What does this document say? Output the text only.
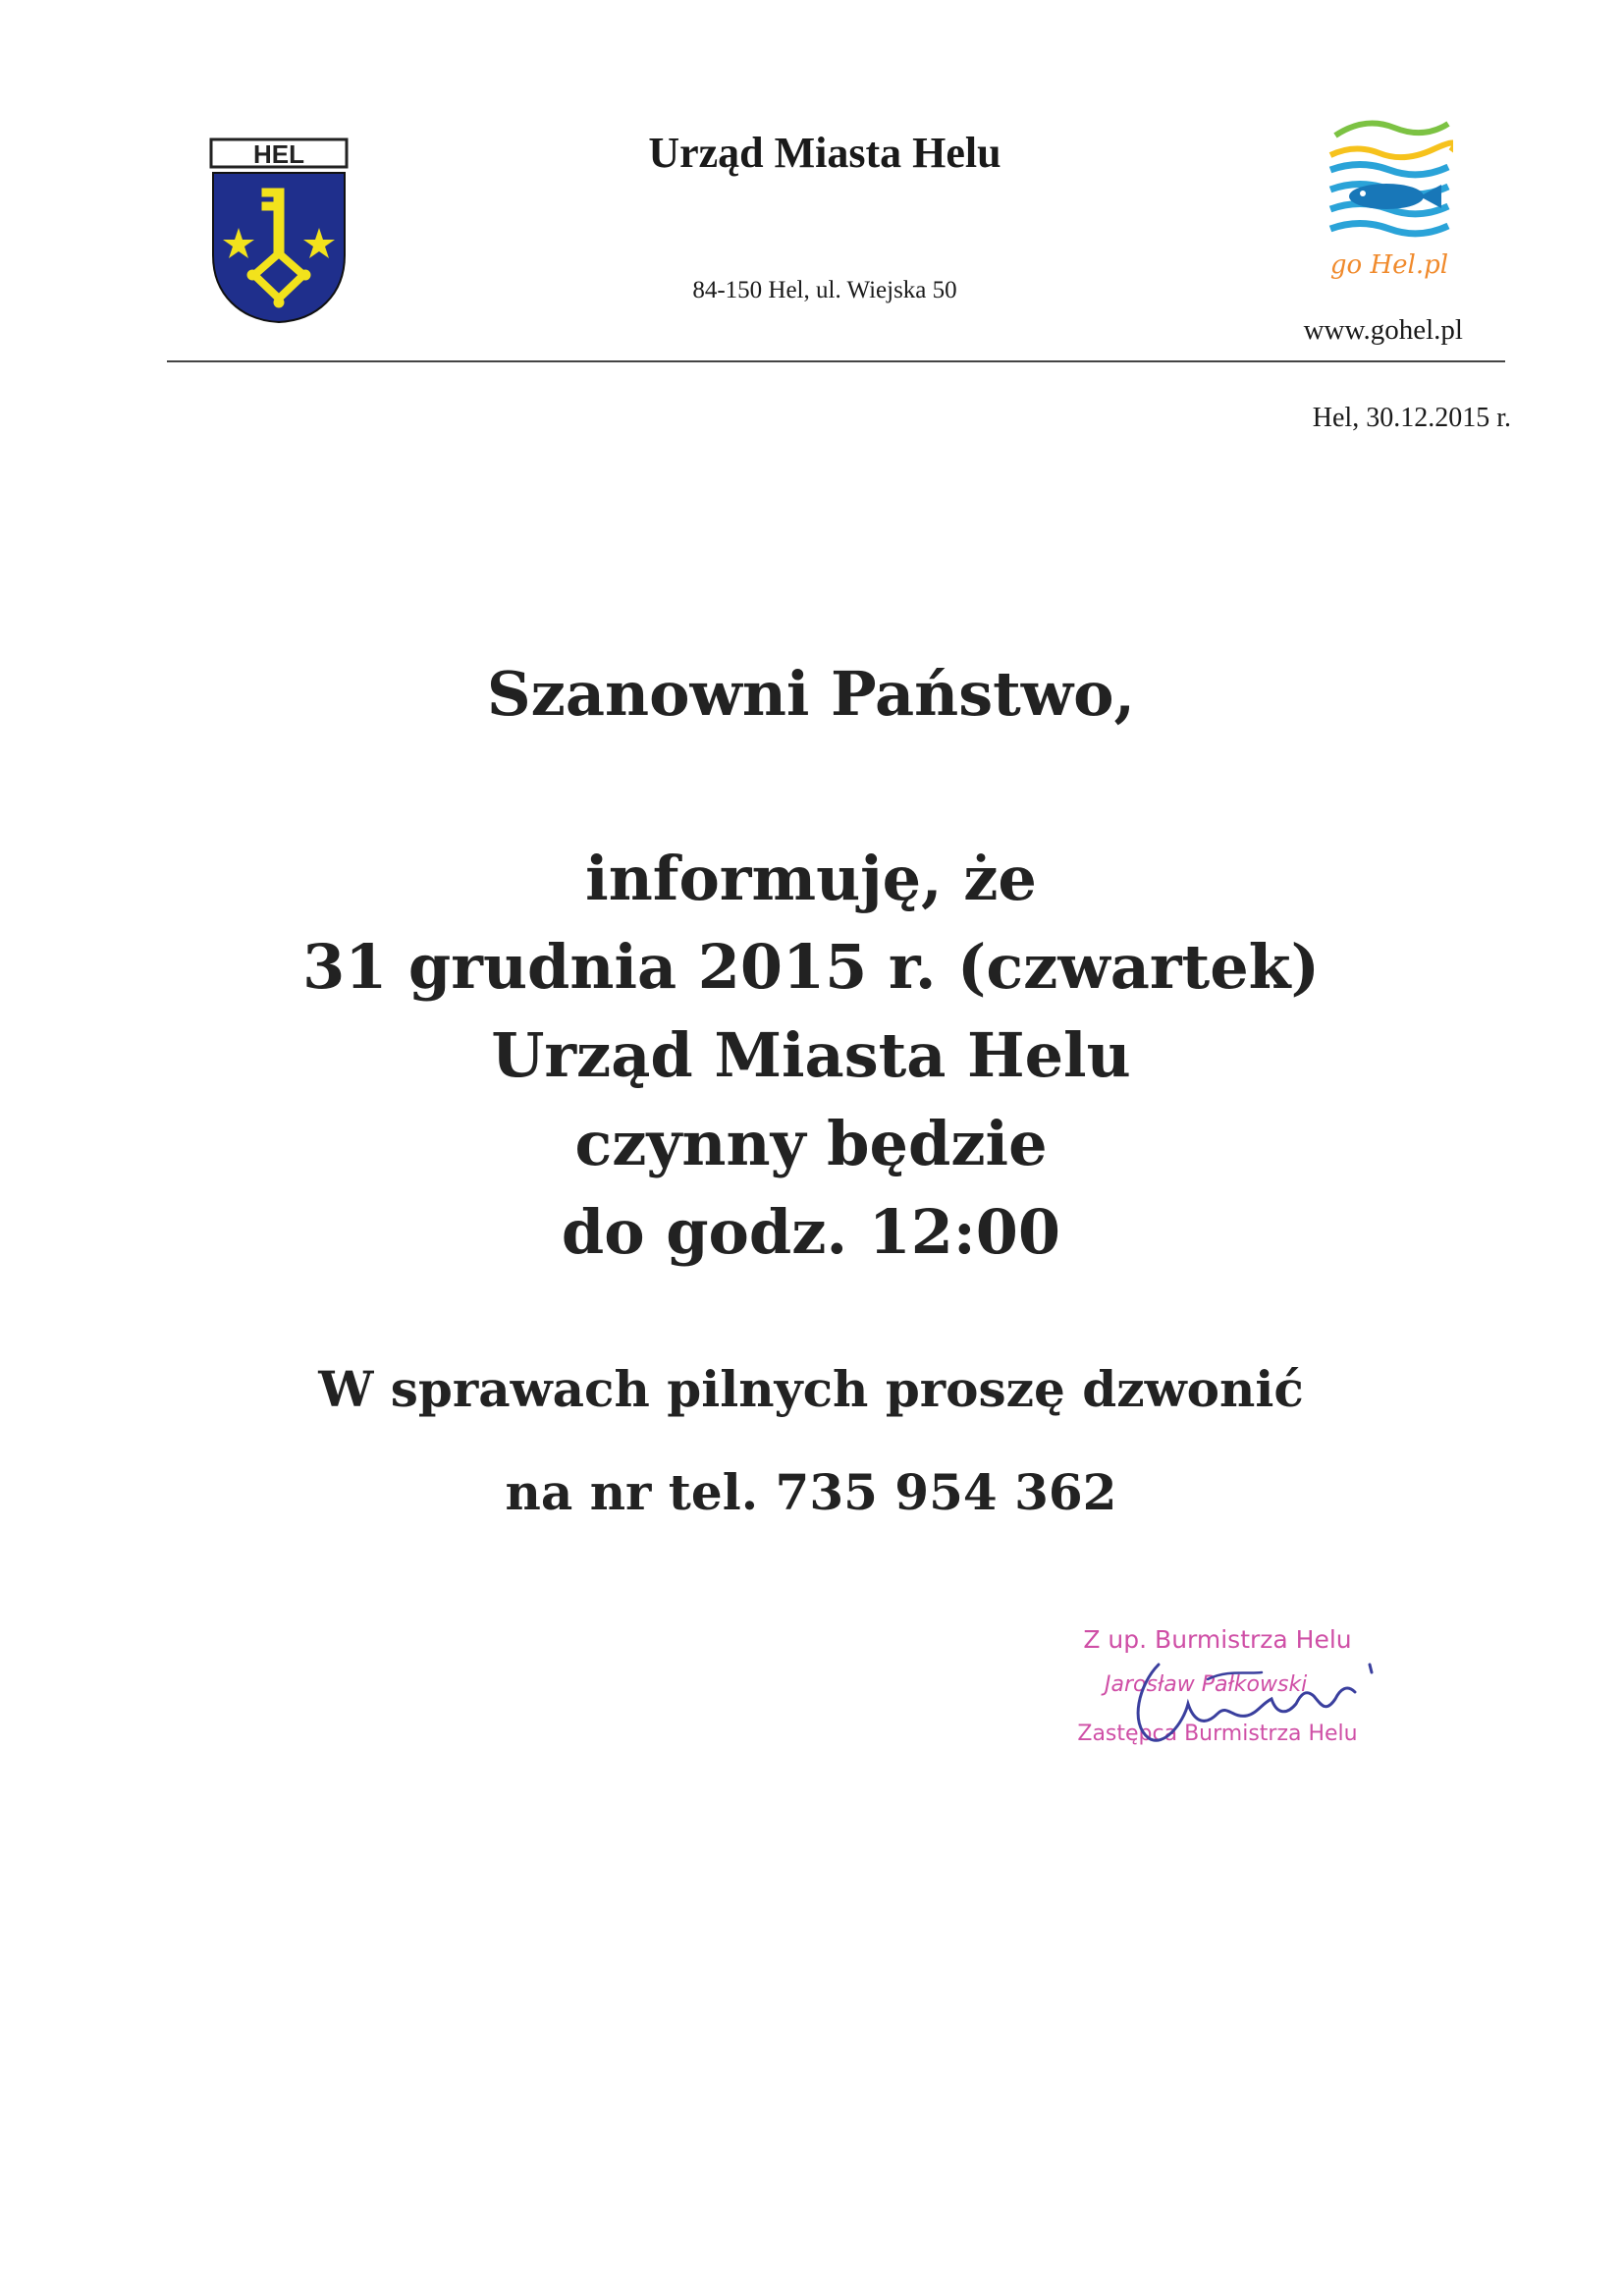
HEL	Urząd Miasta Helu
84-150 Hel, ul. Wiejska 50
go Hel.pl
www.gohel.pl
Hel, 30.12.2015 r.
Szanowni Państwo,
informuję, że
31 grudnia 2015 r. (czwartek)
Urząd Miasta Helu
czynny będzie
do godz. 12:00
W sprawach pilnych proszę dzwonić
na nr tel. 735 954 362
Z up. Burmistrza Helu
Jarosław Pałkowski
Zastępca Burmistrza Helu
